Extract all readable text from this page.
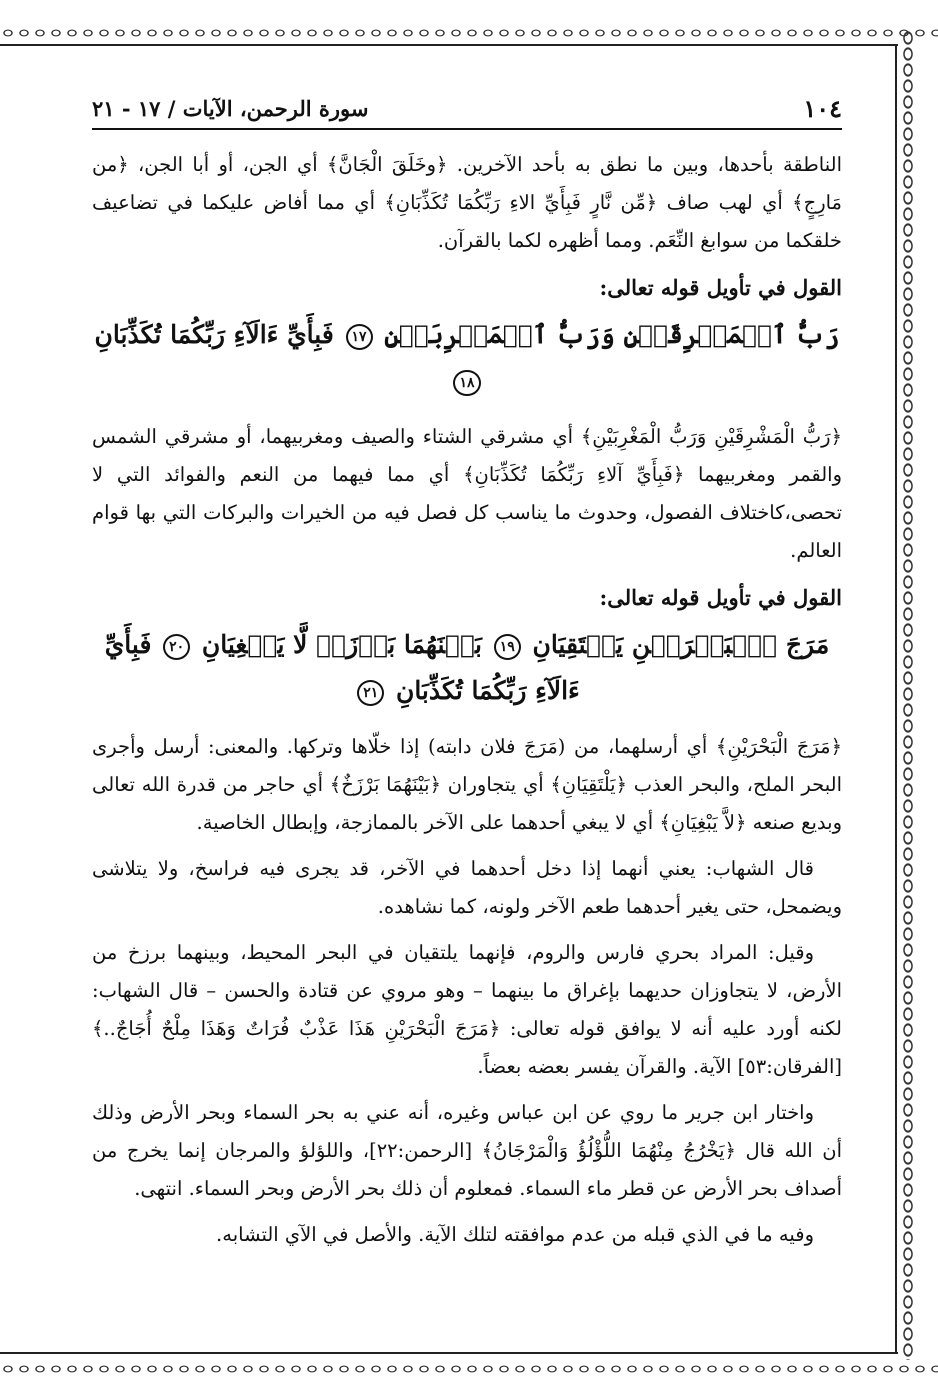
١٠٤
سورة الرحمن، الآيات / ١٧ - ٢١

الناطقة بأحدها، وبين ما نطق به بأحد الآخرين. ﴿وخَلَقَ الْجَانَّ﴾ أي الجن، أو أبا الجن، ﴿من مَارِجٍ﴾ أي لهب صاف ﴿مِّن نَّارٍ فَبِأَيِّ الاءِ رَبِّكُمَا تُكَذِّبَانِ﴾ أي مما أفاض عليكما في تضاعيف خلقكما من سوابغ النِّعَم. ومما أظهره لكما بالقرآن.

القول في تأويل قوله تعالى:
رَبُّ ٱلۡمَشۡرِقَيۡنِ وَرَبُّ ٱلۡمَغۡرِبَيۡنِ ١٧ فَبِأَيِّ ءَالَآءِ رَبِّكُمَا تُكَذِّبَانِ ١٨

﴿رَبُّ الْمَشْرِقَيْنِ وَرَبُّ الْمَغْرِبَيْنِ﴾ أي مشرقي الشتاء والصيف ومغربيهما، أو مشرقي الشمس والقمر ومغربيهما ﴿فَبِأَيِّ آلاءِ رَبِّكُمَا تُكَذِّبَانِ﴾ أي مما فيهما من النعم والفوائد التي لا تحصى،كاختلاف الفصول، وحدوث ما يناسب كل فصل فيه من الخيرات والبركات التي بها قوام العالم.

القول في تأويل قوله تعالى:
مَرَجَ ٱلۡبَحۡرَيۡنِ يَلۡتَقِيَانِ ١٩ بَيۡنَهُمَا بَرۡزَخٞ لَّا يَبۡغِيَانِ ٢٠ فَبِأَيِّ ءَالَآءِ رَبِّكُمَا تُكَذِّبَانِ ٢١

﴿مَرَجَ الْبَحْرَيْنِ﴾ أي أرسلهما، من (مَرَجَ فلان دابته) إذا خلّاها وتركها. والمعنى: أرسل وأجرى البحر الملح، والبحر العذب ﴿يَلْتَقِيَانِ﴾ أي يتجاوران ﴿بَيْنَهُمَا بَرْزَخٌ﴾ أي حاجر من قدرة الله تعالى وبديع صنعه ﴿لاَّ يَبْغِيَانِ﴾ أي لا يبغي أحدهما على الآخر بالممازجة، وإبطال الخاصية.

قال الشهاب: يعني أنهما إذا دخل أحدهما في الآخر، قد يجرى فيه فراسخ، ولا يتلاشى ويضمحل، حتى يغير أحدهما طعم الآخر ولونه، كما نشاهده.

وقيل: المراد بحري فارس والروم، فإنهما يلتقيان في البحر المحيط، وبينهما برزخ من الأرض، لا يتجاوزان حديهما بإغراق ما بينهما – وهو مروي عن قتادة والحسن – قال الشهاب: لكنه أورد عليه أنه لا يوافق قوله تعالى: ﴿مَرَجَ الْبَحْرَيْنِ هَذَا عَذْبٌ فُرَاتٌ وَهَذَا مِلْحٌ أُجَاجٌ..﴾ [الفرقان:٥٣] الآية. والقرآن يفسر بعضه بعضاً.

واختار ابن جرير ما روي عن ابن عباس وغيره، أنه عني به بحر السماء وبحر الأرض وذلك أن الله قال ﴿يَخْرُجُ مِنْهُمَا اللُّؤْلُؤُ وَالْمَرْجَانُ﴾ [الرحمن:٢٢]، واللؤلؤ والمرجان إنما يخرج من أصداف بحر الأرض عن قطر ماء السماء. فمعلوم أن ذلك بحر الأرض وبحر السماء. انتهى.

وفيه ما في الذي قبله من عدم موافقته لتلك الآية. والأصل في الآي التشابه.
